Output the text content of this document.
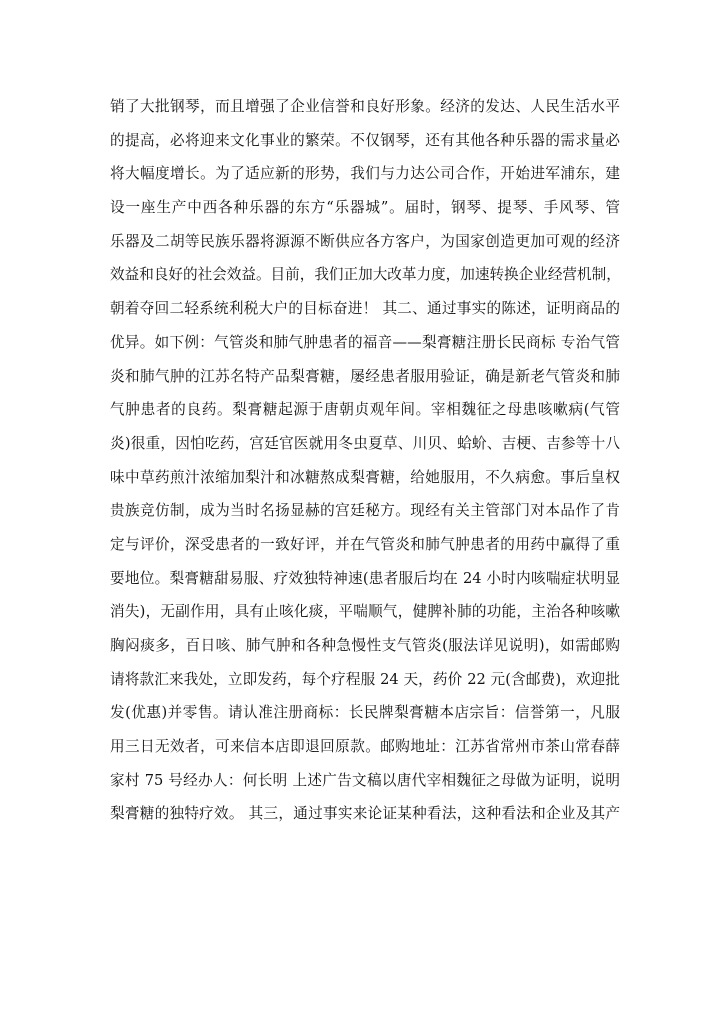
销了大批钢琴，而且增强了企业信誉和良好形象。经济的发达、人民生活水平
的提高，必将迎来文化事业的繁荣。不仅钢琴，还有其他各种乐器的需求量必
将大幅度增长。为了适应新的形势，我们与力达公司合作，开始进军浦东，建
设一座生产中西各种乐器的东方“乐器城”。届时，钢琴、提琴、手风琴、管
乐器及二胡等民族乐器将源源不断供应各方客户，为国家创造更加可观的经济
效益和良好的社会效益。目前，我们正加大改革力度，加速转换企业经营机制，
朝着夺回二轻系统利税大户的目标奋进！ 其二、通过事实的陈述，证明商品的
优异。如下例：气管炎和肺气肿患者的福音——梨膏糖注册长民商标 专治气管
炎和肺气肿的江苏名特产品梨膏糖，屡经患者服用验证，确是新老气管炎和肺
气肿患者的良药。梨膏糖起源于唐朝贞观年间。宰相魏征之母患咳嗽病(气管
炎)很重，因怕吃药，宫廷官医就用冬虫夏草、川贝、蛤蚧、吉梗、吉参等十八
味中草药煎汁浓缩加梨汁和冰糖熬成梨膏糖，给她服用，不久病愈。事后皇权
贵族竞仿制，成为当时名扬显赫的宫廷秘方。现经有关主管部门对本品作了肯
定与评价，深受患者的一致好评，并在气管炎和肺气肿患者的用药中赢得了重
要地位。梨膏糖甜易服、疗效独特神速(患者服后均在 24 小时内咳喘症状明显
消失)，无副作用，具有止咳化痰，平喘顺气，健脾补肺的功能，主治各种咳嗽
胸闷痰多，百日咳、肺气肿和各种急慢性支气管炎(服法详见说明)，如需邮购
请将款汇来我处，立即发药，每个疗程服 24 天，药价 22 元(含邮费)，欢迎批
发(优惠)并零售。请认准注册商标：长民牌梨膏糖本店宗旨：信誉第一，凡服
用三日无效者，可来信本店即退回原款。邮购地址：江苏省常州市茶山常春薛
家村 75 号经办人：何长明 上述广告文稿以唐代宰相魏征之母做为证明，说明
梨膏糖的独特疗效。 其三，通过事实来论证某种看法，这种看法和企业及其产
